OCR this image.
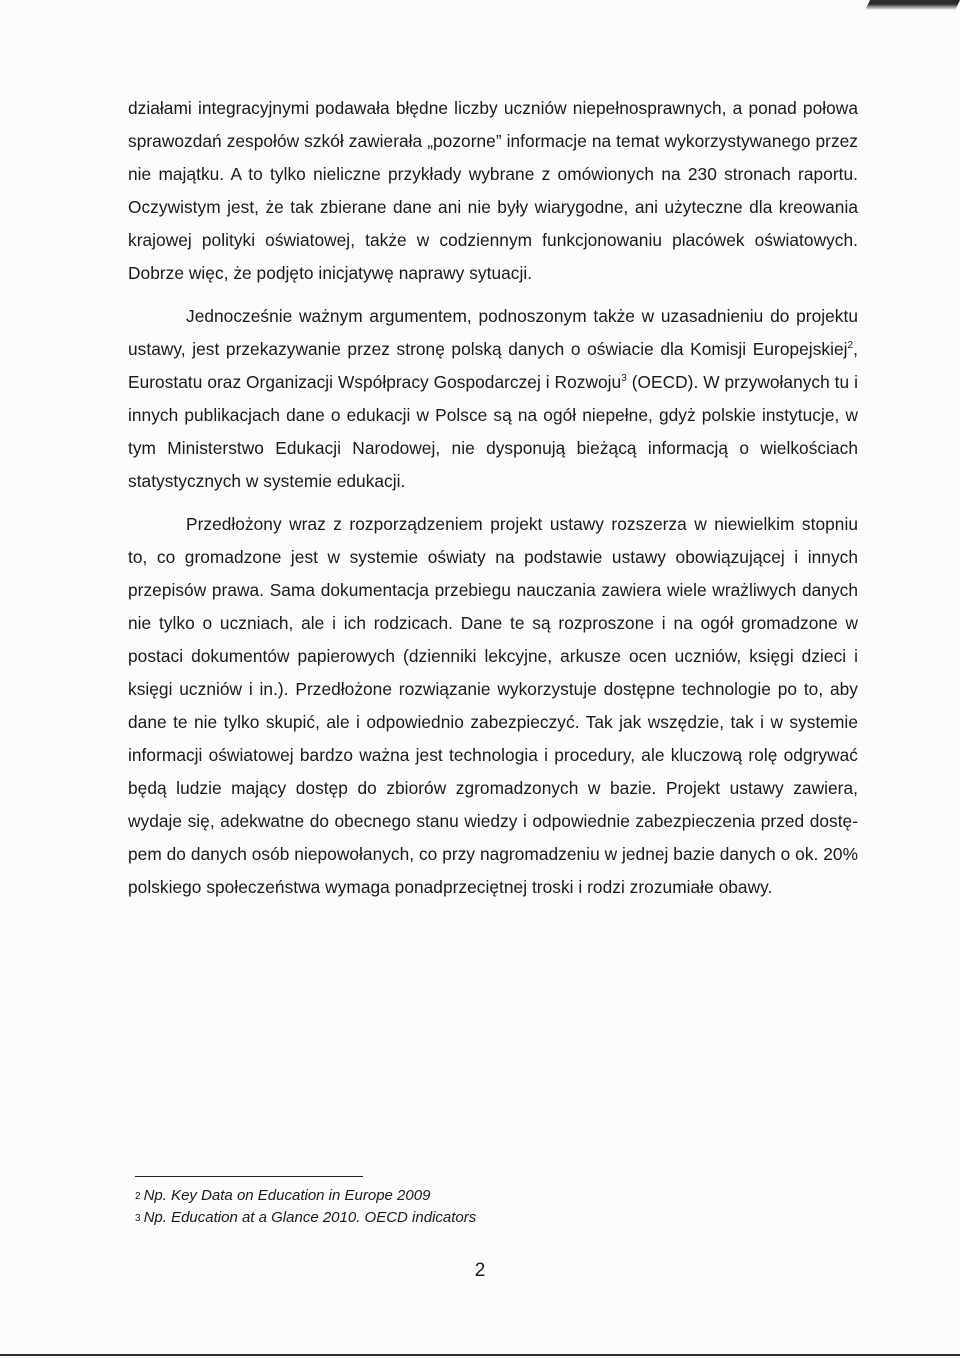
działami integracyjnymi podawała błędne liczby uczniów niepełnosprawnych, a ponad połowa sprawozdań zespołów szkół zawierała „pozorne” informacje na temat wykorzystywanego przez nie majątku. A to tylko nieliczne przykłady wybrane z omówionych na 230 stronach raportu. Oczywistym jest, że tak zbierane dane ani nie były wiarygodne, ani użyteczne dla kreowania krajowej polityki oświatowej, także w codziennym funkcjonowaniu placówek oświatowych. Dobrze więc, że podjęto inicjatywę naprawy sytuacji.

Jednocześnie ważnym argumentem, podnoszonym także w uzasadnieniu do projektu ustawy, jest przekazywanie przez stronę polską danych o oświacie dla Komisji Europejskiej$^2$, Eurostatu oraz Organizacji Współpracy Gospodarczej i Rozwoju$^3$ (OECD). W przywołanych tu i innych publikacjach dane o edukacji w Polsce są na ogół niepełne, gdyż polskie instytucje, w tym Ministerstwo Edukacji Narodowej, nie dysponują bieżącą informacją o wielkościach statystycznych w systemie edukacji.

Przedłożony wraz z rozporządzeniem projekt ustawy rozszerza w niewielkim stopniu to, co gromadzone jest w systemie oświaty na podstawie ustawy obowiązującej i innych przepisów prawa. Sama dokumentacja przebiegu nauczania zawiera wiele wrażliwych danych nie tylko o uczniach, ale i ich rodzicach. Dane te są rozproszone i na ogół gromadzone w postaci dokumentów papierowych (dzienniki lekcyjne, arkusze ocen uczniów, księgi dzieci i księgi uczniów i in.). Przedłożone rozwiązanie wykorzystuje dostępne technologie po to, aby dane te nie tylko skupić, ale i odpowiednio zabezpieczyć. Tak jak wszędzie, tak i w systemie informacji oświatowej bardzo ważna jest technologia i procedury, ale kluczową rolę odgrywać będą ludzie mający dostęp do zbiorów zgromadzonych w bazie. Projekt ustawy zawiera, wydaje się, adekwatne do obecnego stanu wiedzy i odpowiednie zabezpieczenia przed dostępem do danych osób niepowołanych, co przy nagromadzeniu w jednej bazie danych o ok. 20% polskiego społeczeństwa wymaga ponadprzeciętnej troski i rodzi zrozumiałe obawy.

2 Np. Key Data on Education in Europe 2009
3 Np. Education at a Glance 2010. OECD indicators
2
